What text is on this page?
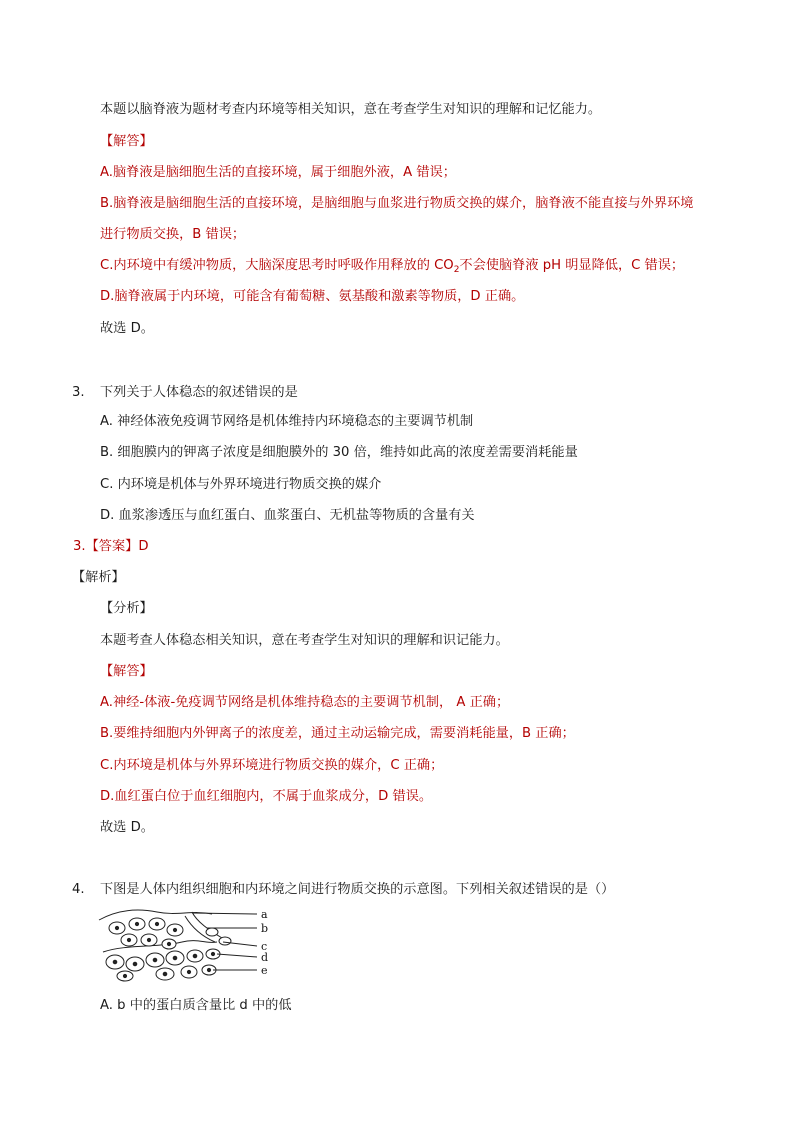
本题以脑脊液为题材考查内环境等相关知识，意在考查学生对知识的理解和记忆能力。
【解答】
A.脑脊液是脑细胞生活的直接环境，属于细胞外液，A 错误；
B.脑脊液是脑细胞生活的直接环境，是脑细胞与血浆进行物质交换的媒介，脑脊液不能直接与外界环境
进行物质交换，B 错误；
C.内环境中有缓冲物质，大脑深度思考时呼吸作用释放的 $CO_2$不会使脑脊液 pH 明显降低，C 错误；
D.脑脊液属于内环境，可能含有葡萄糖、氨基酸和激素等物质，D 正确。
故选 D。
3. 下列关于人体稳态的叙述错误的是
A. 神经体液免疫调节网络是机体维持内环境稳态的主要调节机制
B. 细胞膜内的钾离子浓度是细胞膜外的 30 倍，维持如此高的浓度差需要消耗能量
C. 内环境是机体与外界环境进行物质交换的媒介
D. 血浆渗透压与血红蛋白、血浆蛋白、无机盐等物质的含量有关
3.【答案】D
【解析】
【分析】
本题考查人体稳态相关知识，意在考查学生对知识的理解和识记能力。
【解答】
A.神经-体液-免疫调节网络是机体维持稳态的主要调节机制， A 正确；
B.要维持细胞内外钾离子的浓度差，通过主动运输完成，需要消耗能量，B 正确；
C.内环境是机体与外界环境进行物质交换的媒介，C 正确；
D.血红蛋白位于血红细胞内，不属于血浆成分，D 错误。
故选 D。
4. 下图是人体内组织细胞和内环境之间进行物质交换的示意图。下列相关叙述错误的是（）
a
b
c
d
e
A. b 中的蛋白质含量比 d 中的低
